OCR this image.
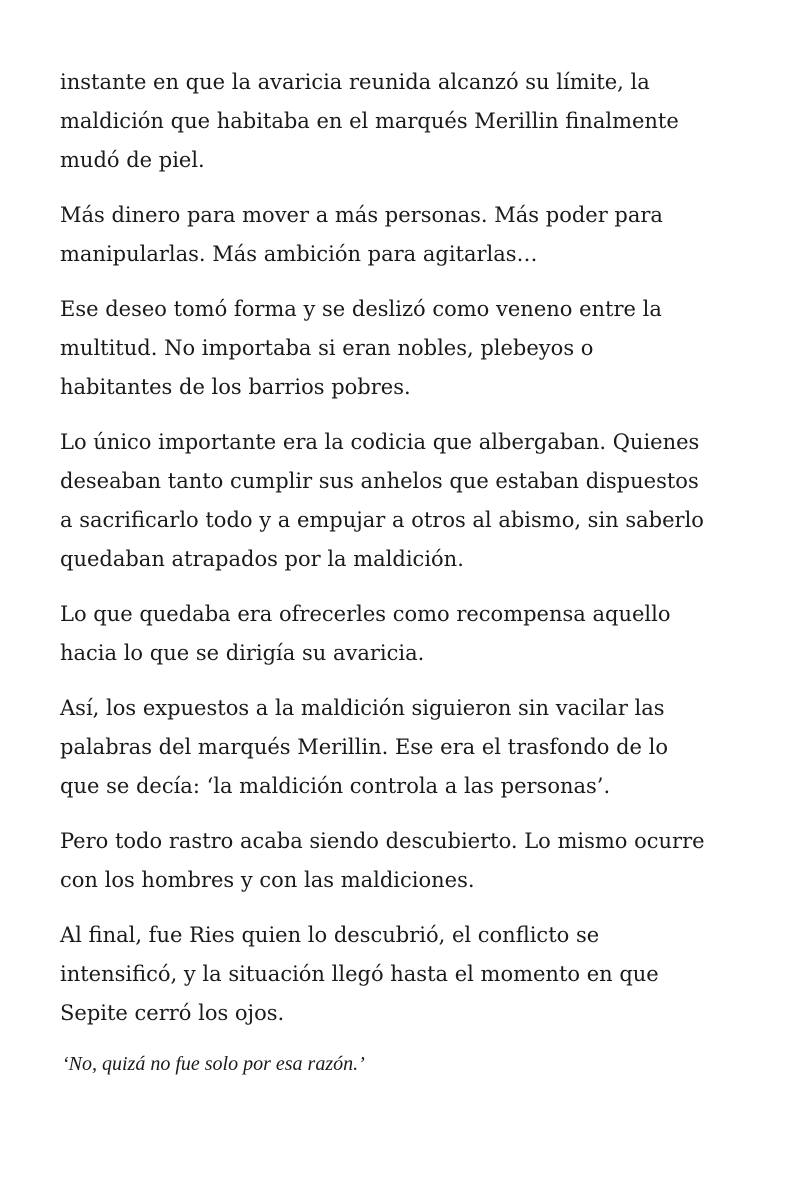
instante en que la avaricia reunida alcanzó su límite, la
maldición que habitaba en el marqués Merillin finalmente
mudó de piel.
Más dinero para mover a más personas. Más poder para
manipularlas. Más ambición para agitarlas…
Ese deseo tomó forma y se deslizó como veneno entre la
multitud. No importaba si eran nobles, plebeyos o
habitantes de los barrios pobres.
Lo único importante era la codicia que albergaban. Quienes
deseaban tanto cumplir sus anhelos que estaban dispuestos
a sacrificarlo todo y a empujar a otros al abismo, sin saberlo
quedaban atrapados por la maldición.
Lo que quedaba era ofrecerles como recompensa aquello
hacia lo que se dirigía su avaricia.
Así, los expuestos a la maldición siguieron sin vacilar las
palabras del marqués Merillin. Ese era el trasfondo de lo
que se decía: ‘la maldición controla a las personas’.
Pero todo rastro acaba siendo descubierto. Lo mismo ocurre
con los hombres y con las maldiciones.
Al final, fue Ries quien lo descubrió, el conflicto se
intensificó, y la situación llegó hasta el momento en que
Sepite cerró los ojos.
‘No, quizá no fue solo por esa razón.’
